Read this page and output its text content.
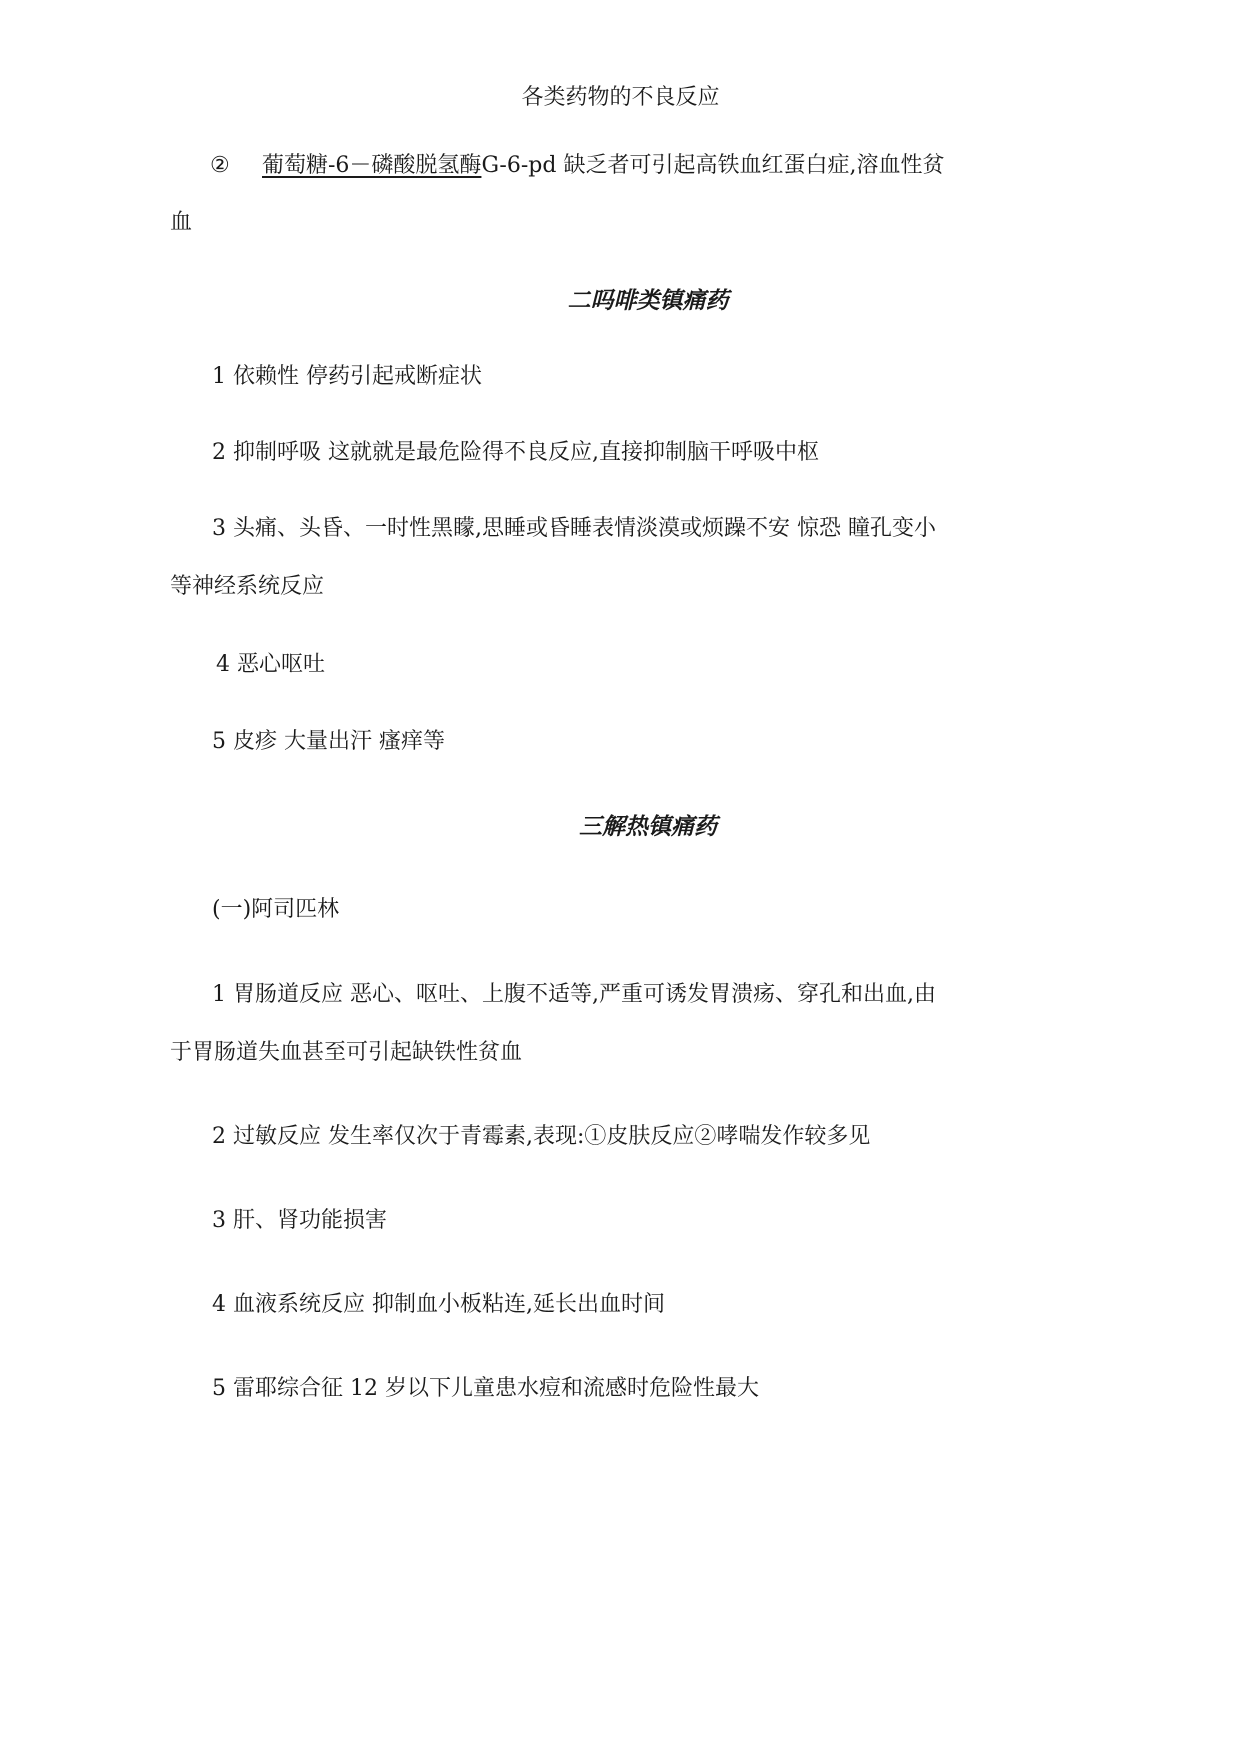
各类药物的不良反应
② 葡萄糖-6－磷酸脱氢酶G-6-pd 缺乏者可引起高铁血红蛋白症,溶血性贫
血
二吗啡类镇痛药
1 依赖性 停药引起戒断症状
2 抑制呼吸 这就就是最危险得不良反应,直接抑制脑干呼吸中枢
3 头痛、头昏、一时性黑矇,思睡或昏睡表情淡漠或烦躁不安 惊恐 瞳孔变小
等神经系统反应
4 恶心呕吐
5 皮疹 大量出汗 瘙痒等
三解热镇痛药
(一)阿司匹林
1 胃肠道反应 恶心、呕吐、上腹不适等,严重可诱发胃溃疡、穿孔和出血,由
于胃肠道失血甚至可引起缺铁性贫血
2 过敏反应 发生率仅次于青霉素,表现:①皮肤反应②哮喘发作较多见
3 肝、肾功能损害
4 血液系统反应 抑制血小板粘连,延长出血时间
5 雷耶综合征 12 岁以下儿童患水痘和流感时危险性最大
